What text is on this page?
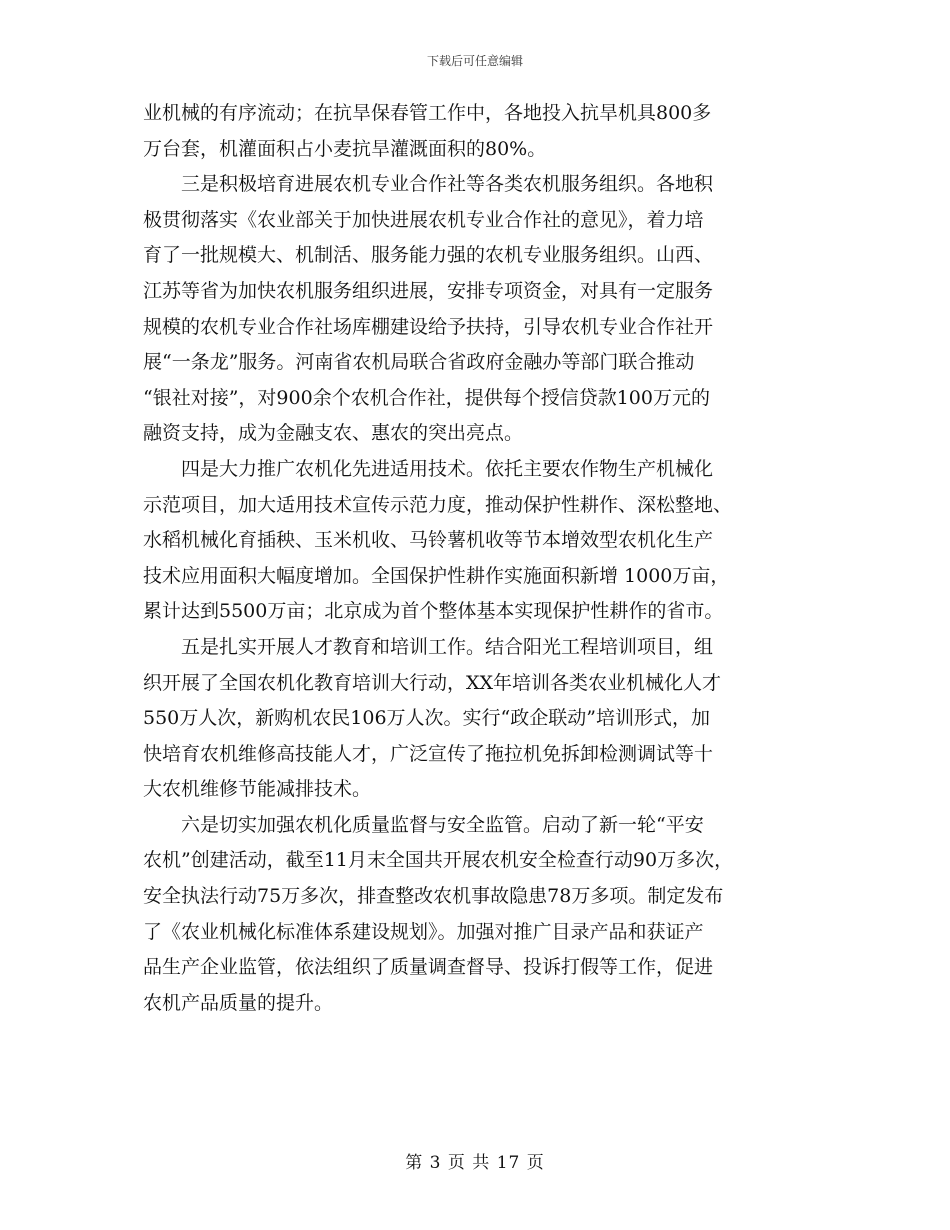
下载后可任意编辑
业机械的有序流动；在抗旱保春管工作中，各地投入抗旱机具800多
万台套，机灌面积占小麦抗旱灌溉面积的80%。
三是积极培育进展农机专业合作社等各类农机服务组织。各地积
极贯彻落实《农业部关于加快进展农机专业合作社的意见》，着力培
育了一批规模大、机制活、服务能力强的农机专业服务组织。山西、
江苏等省为加快农机服务组织进展，安排专项资金，对具有一定服务
规模的农机专业合作社场库棚建设给予扶持，引导农机专业合作社开
展“一条龙”服务。河南省农机局联合省政府金融办等部门联合推动
“银社对接”，对900余个农机合作社，提供每个授信贷款100万元的
融资支持，成为金融支农、惠农的突出亮点。
四是大力推广农机化先进适用技术。依托主要农作物生产机械化
示范项目，加大适用技术宣传示范力度，推动保护性耕作、深松整地、
水稻机械化育插秧、玉米机收、马铃薯机收等节本增效型农机化生产
技术应用面积大幅度增加。全国保护性耕作实施面积新增 1000万亩，
累计达到5500万亩；北京成为首个整体基本实现保护性耕作的省市。
五是扎实开展人才教育和培训工作。结合阳光工程培训项目，组
织开展了全国农机化教育培训大行动，XX年培训各类农业机械化人才
550万人次，新购机农民106万人次。实行“政企联动”培训形式，加
快培育农机维修高技能人才，广泛宣传了拖拉机免拆卸检测调试等十
大农机维修节能减排技术。
六是切实加强农机化质量监督与安全监管。启动了新一轮“平安
农机”创建活动，截至11月末全国共开展农机安全检查行动90万多次，
安全执法行动75万多次，排查整改农机事故隐患78万多项。制定发布
了《农业机械化标准体系建设规划》。加强对推广目录产品和获证产
品生产企业监管，依法组织了质量调查督导、投诉打假等工作，促进
农机产品质量的提升。
第 3 页 共 17 页
